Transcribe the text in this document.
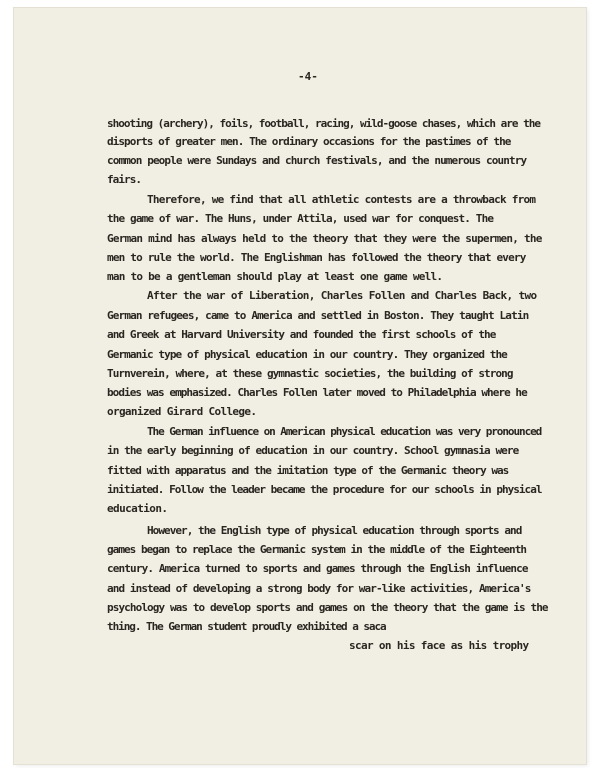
-4-
shooting (archery), foils, football, racing, wild-goose chases, which are the
disports of greater men. The ordinary occasions for the pastimes of the
common people were Sundays and church festivals, and the numerous country
fairs.
Therefore, we find that all athletic contests are a throwback from
the game of war. The Huns, under Attila, used war for conquest. The
German mind has always held to the theory that they were the supermen, the
men to rule the world. The Englishman has followed the theory that every
man to be a gentleman should play at least one game well.
After the war of Liberation, Charles Follen and Charles Back, two
German refugees, came to America and settled in Boston. They taught Latin
and Greek at Harvard University and founded the first schools of the
Germanic type of physical education in our country. They organized the
Turnverein, where, at these gymnastic societies, the building of strong
bodies was emphasized. Charles Follen later moved to Philadelphia where he
organized Girard College.
The German influence on American physical education was very pronounced
in the early beginning of education in our country. School gymnasia were
fitted with apparatus and the imitation type of the Germanic theory was
initiated. Follow the leader became the procedure for our schools in physical
education.
However, the English type of physical education through sports and
games began to replace the Germanic system in the middle of the Eighteenth
century. America turned to sports and games through the English influence
and instead of developing a strong body for war-like activities, America's
psychology was to develop sports and games on the theory that the game is the
thing. The German student proudly exhibited a saca
scar on his face as his trophy
